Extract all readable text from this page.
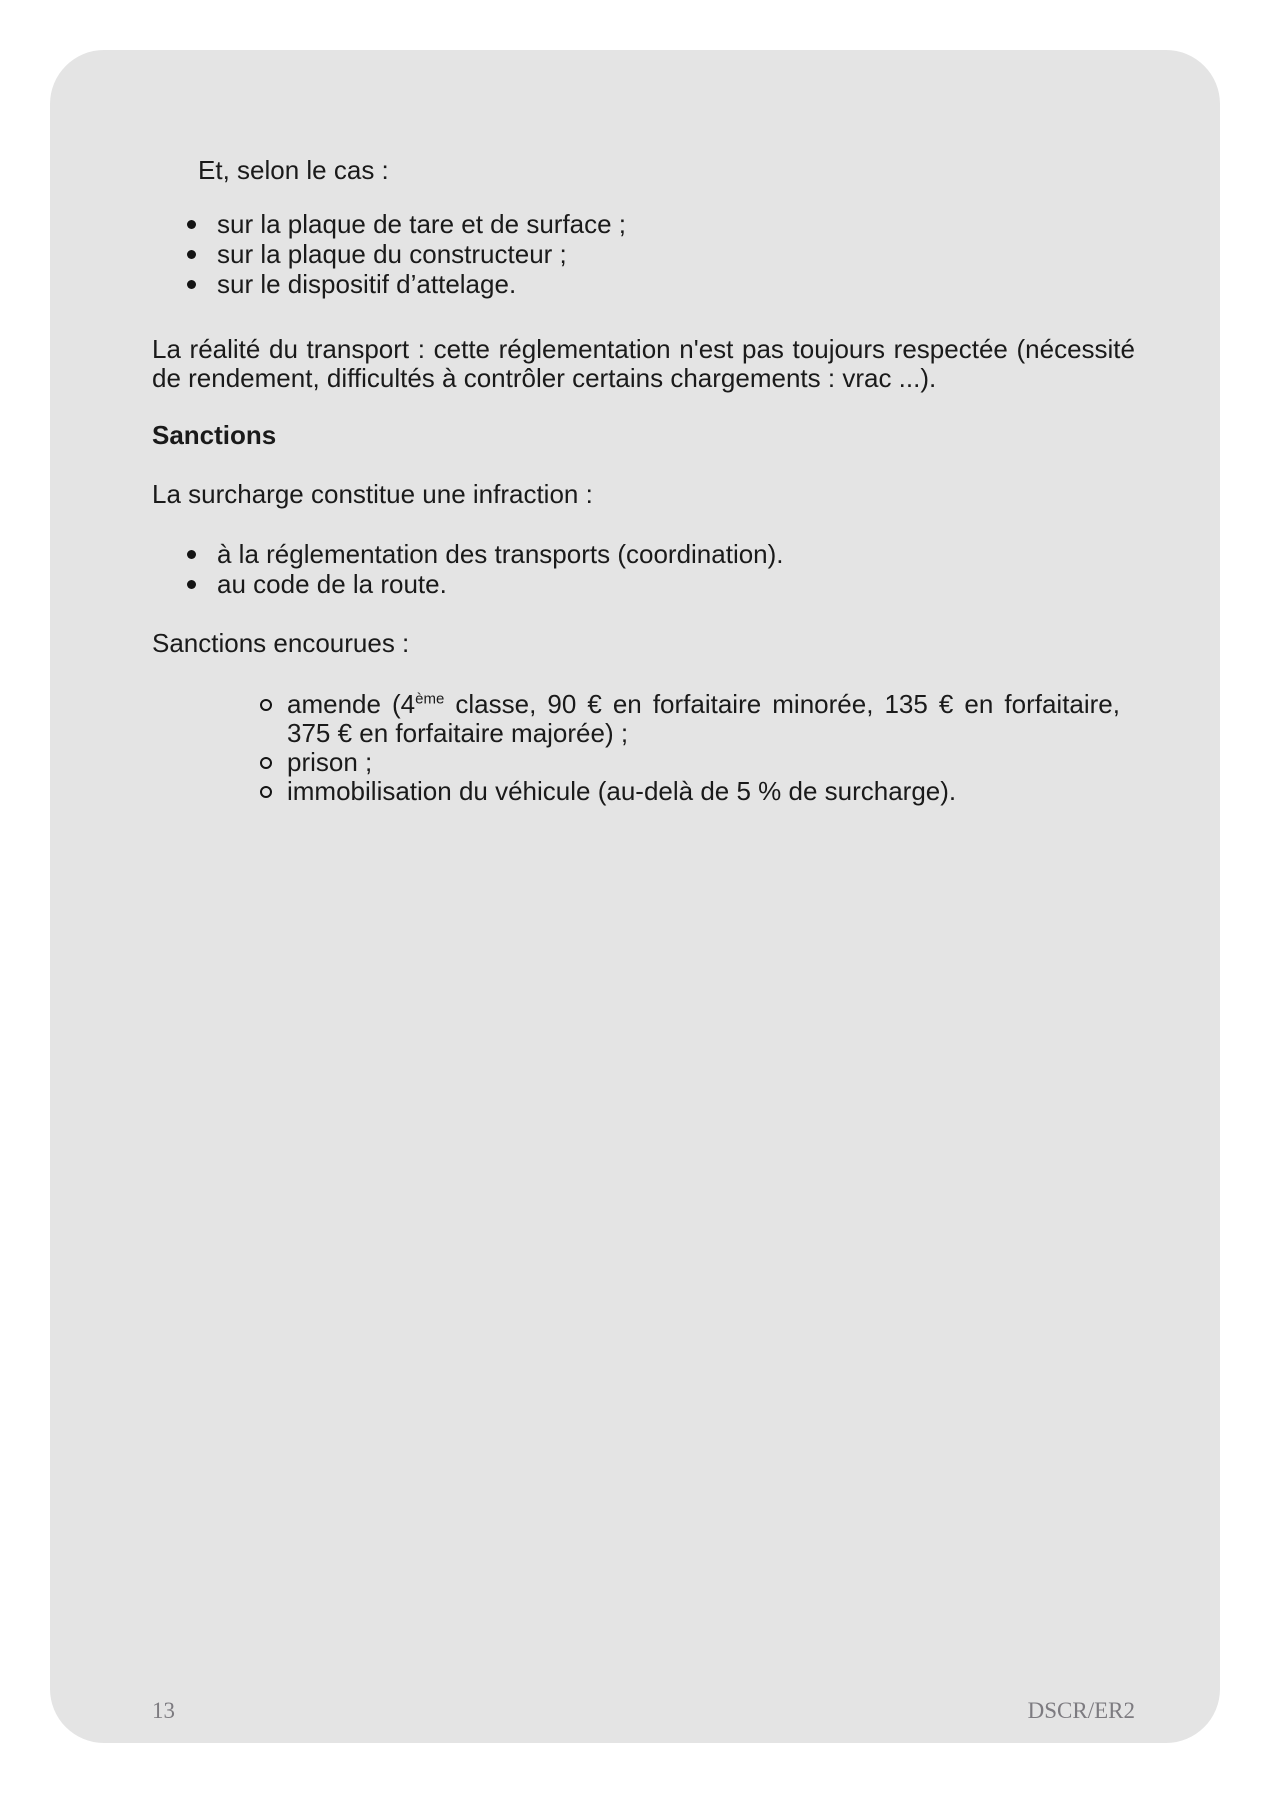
Et, selon le cas :

sur la plaque de tare et de surface ;
sur la plaque du constructeur ;
sur le dispositif d’attelage.
La réalité du transport : cette réglementation n'est pas toujours respectée (nécessité
de rendement, difficultés à contrôler certains chargements : vrac ...).
Sanctions

La surcharge constitue une infraction :

à la réglementation des transports (coordination).
au code de la route.

Sanctions encourues :

amende (4ème classe, 90 € en forfaitaire minorée, 135 € en forfaitaire,
375 € en forfaitaire majorée) ;
prison ;
immobilisation du véhicule (au-delà de 5 % de surcharge).
13	DSCR/ER2
